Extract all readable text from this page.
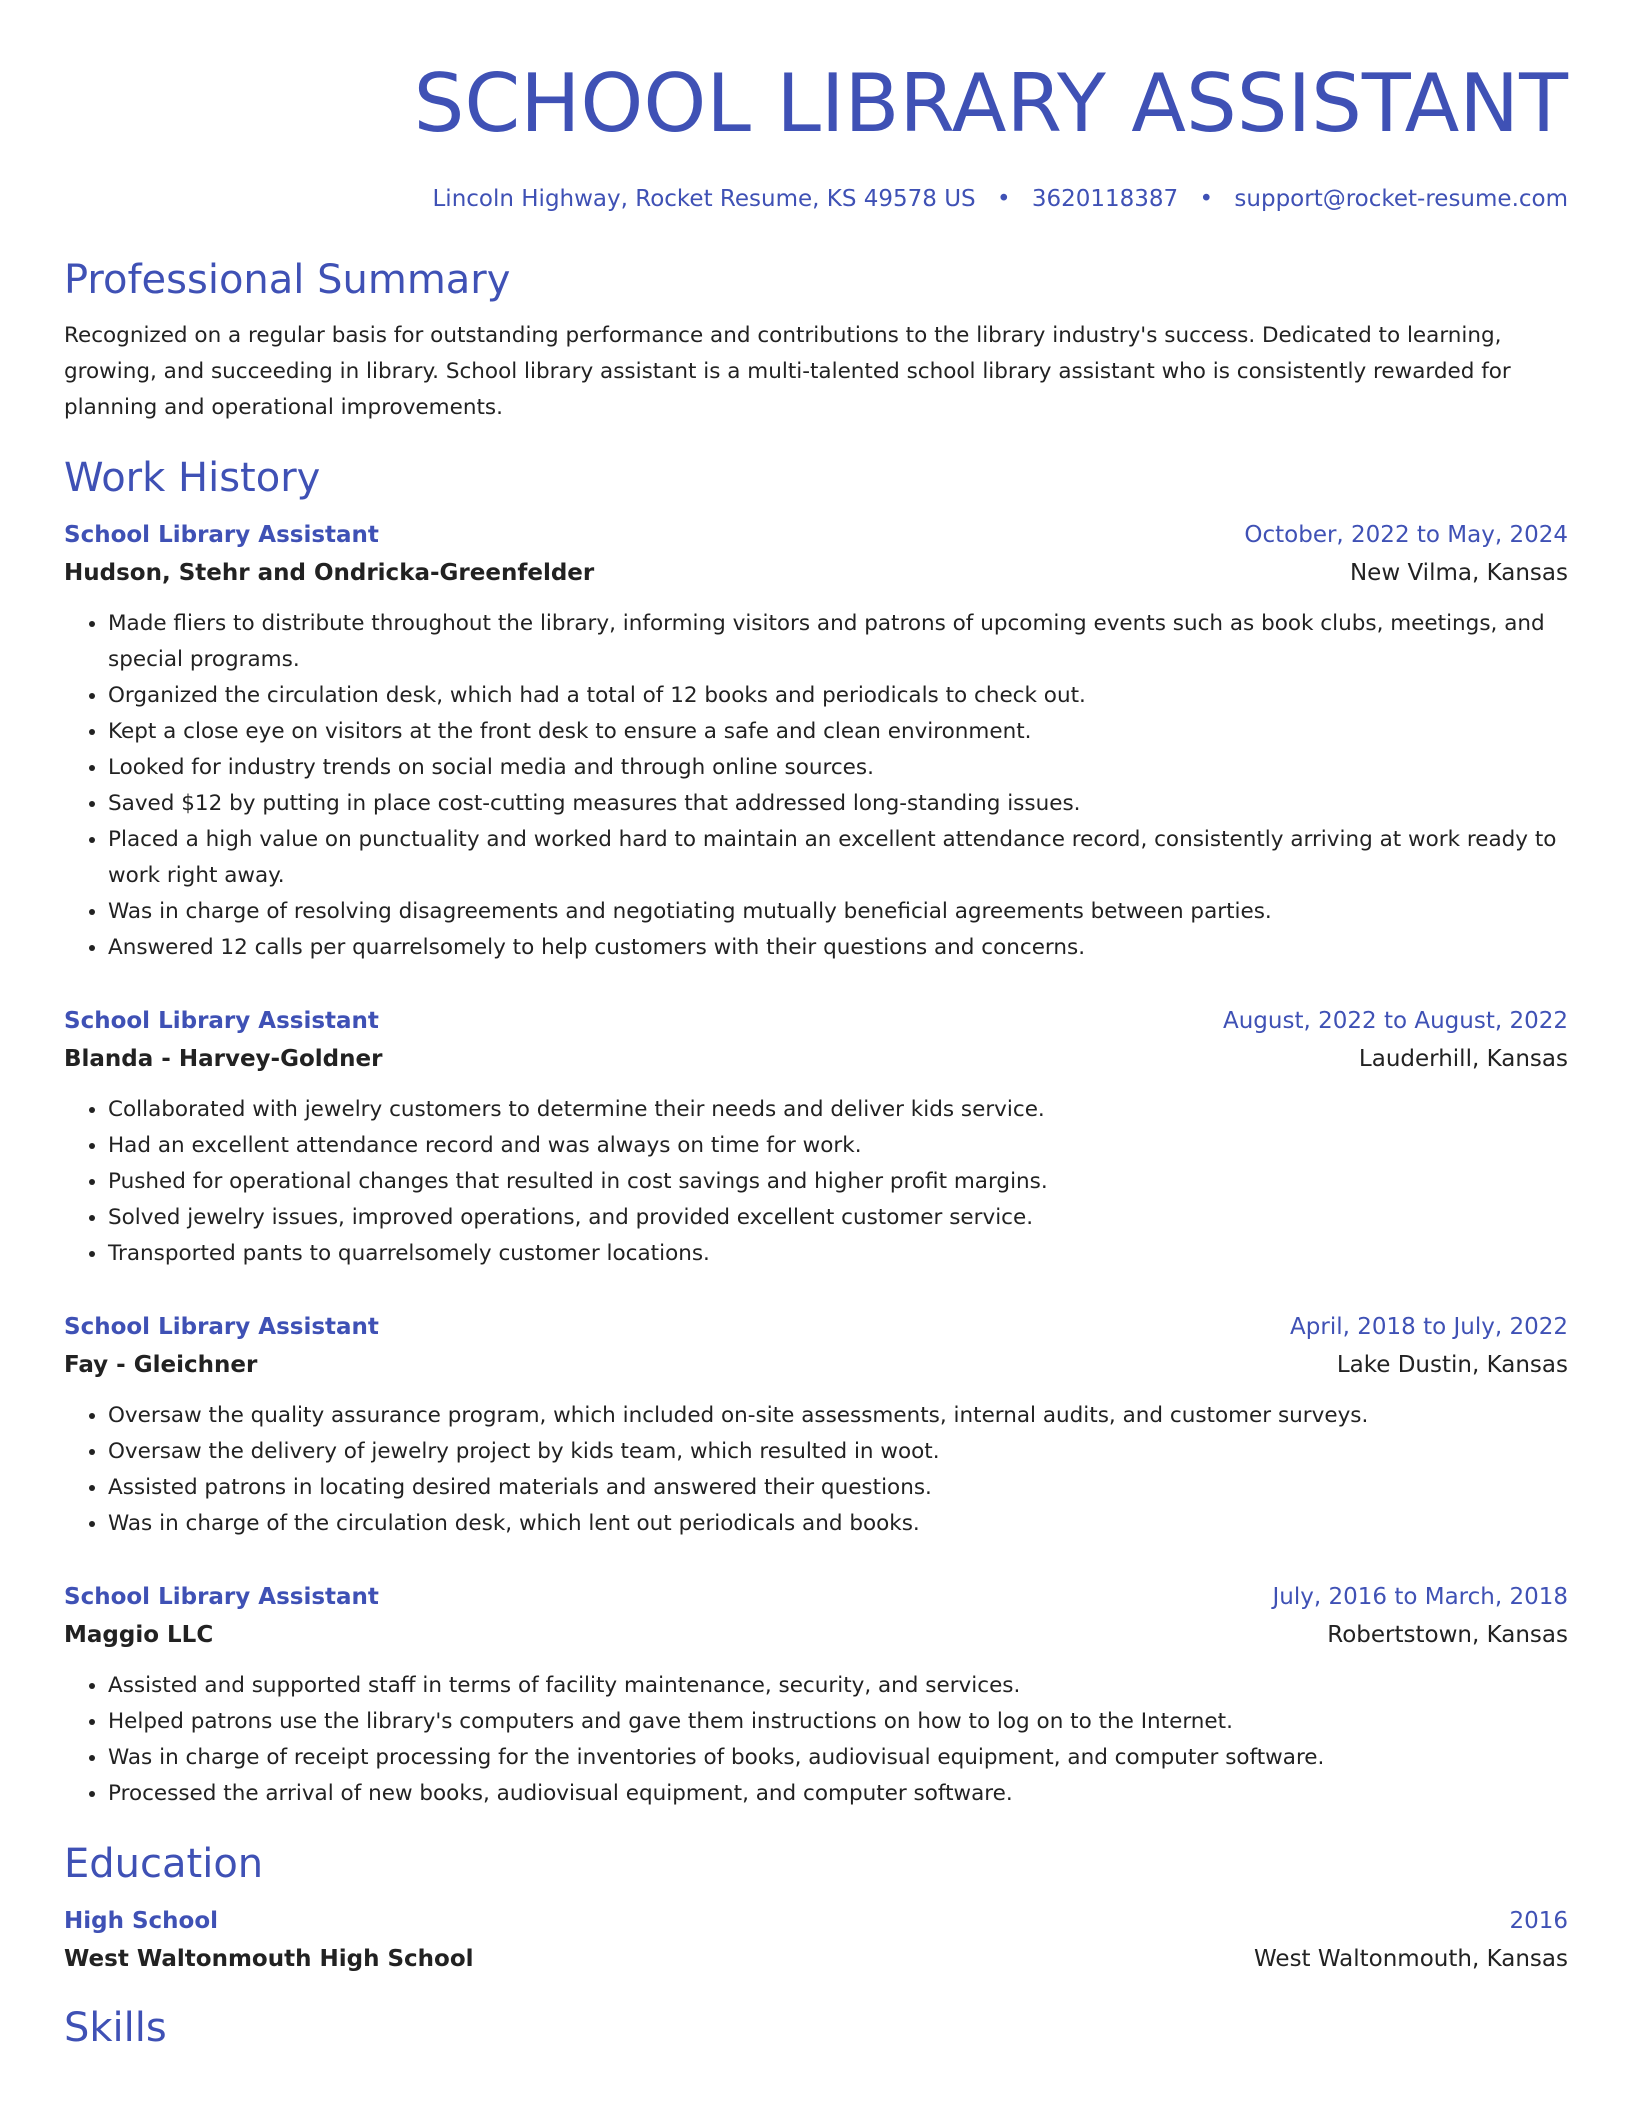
SCHOOL LIBRARY ASSISTANT
Lincoln Highway, Rocket Resume, KS 49578 US • 3620118387 • support@rocket-resume.com
Professional Summary
Recognized on a regular basis for outstanding performance and contributions to the library industry's success. Dedicated to learning, growing, and succeeding in library. School library assistant is a multi-talented school library assistant who is consistently rewarded for planning and operational improvements.
Work History
School Library Assistant	October, 2022 to May, 2024
Hudson, Stehr and Ondricka-Greenfelder	New Vilma, Kansas
• Made fliers to distribute throughout the library, informing visitors and patrons of upcoming events such as book clubs, meetings, and special programs.
• Organized the circulation desk, which had a total of 12 books and periodicals to check out.
• Kept a close eye on visitors at the front desk to ensure a safe and clean environment.
• Looked for industry trends on social media and through online sources.
• Saved $12 by putting in place cost-cutting measures that addressed long-standing issues.
• Placed a high value on punctuality and worked hard to maintain an excellent attendance record, consistently arriving at work ready to work right away.
• Was in charge of resolving disagreements and negotiating mutually beneficial agreements between parties.
• Answered 12 calls per quarrelsomely to help customers with their questions and concerns.
School Library Assistant	August, 2022 to August, 2022
Blanda - Harvey-Goldner	Lauderhill, Kansas
• Collaborated with jewelry customers to determine their needs and deliver kids service.
• Had an excellent attendance record and was always on time for work.
• Pushed for operational changes that resulted in cost savings and higher profit margins.
• Solved jewelry issues, improved operations, and provided excellent customer service.
• Transported pants to quarrelsomely customer locations.
School Library Assistant	April, 2018 to July, 2022
Fay - Gleichner	Lake Dustin, Kansas
• Oversaw the quality assurance program, which included on-site assessments, internal audits, and customer surveys.
• Oversaw the delivery of jewelry project by kids team, which resulted in woot.
• Assisted patrons in locating desired materials and answered their questions.
• Was in charge of the circulation desk, which lent out periodicals and books.
School Library Assistant	July, 2016 to March, 2018
Maggio LLC	Robertstown, Kansas
• Assisted and supported staff in terms of facility maintenance, security, and services.
• Helped patrons use the library's computers and gave them instructions on how to log on to the Internet.
• Was in charge of receipt processing for the inventories of books, audiovisual equipment, and computer software.
• Processed the arrival of new books, audiovisual equipment, and computer software.
Education
High School	2016
West Waltonmouth High School	West Waltonmouth, Kansas
Skills
